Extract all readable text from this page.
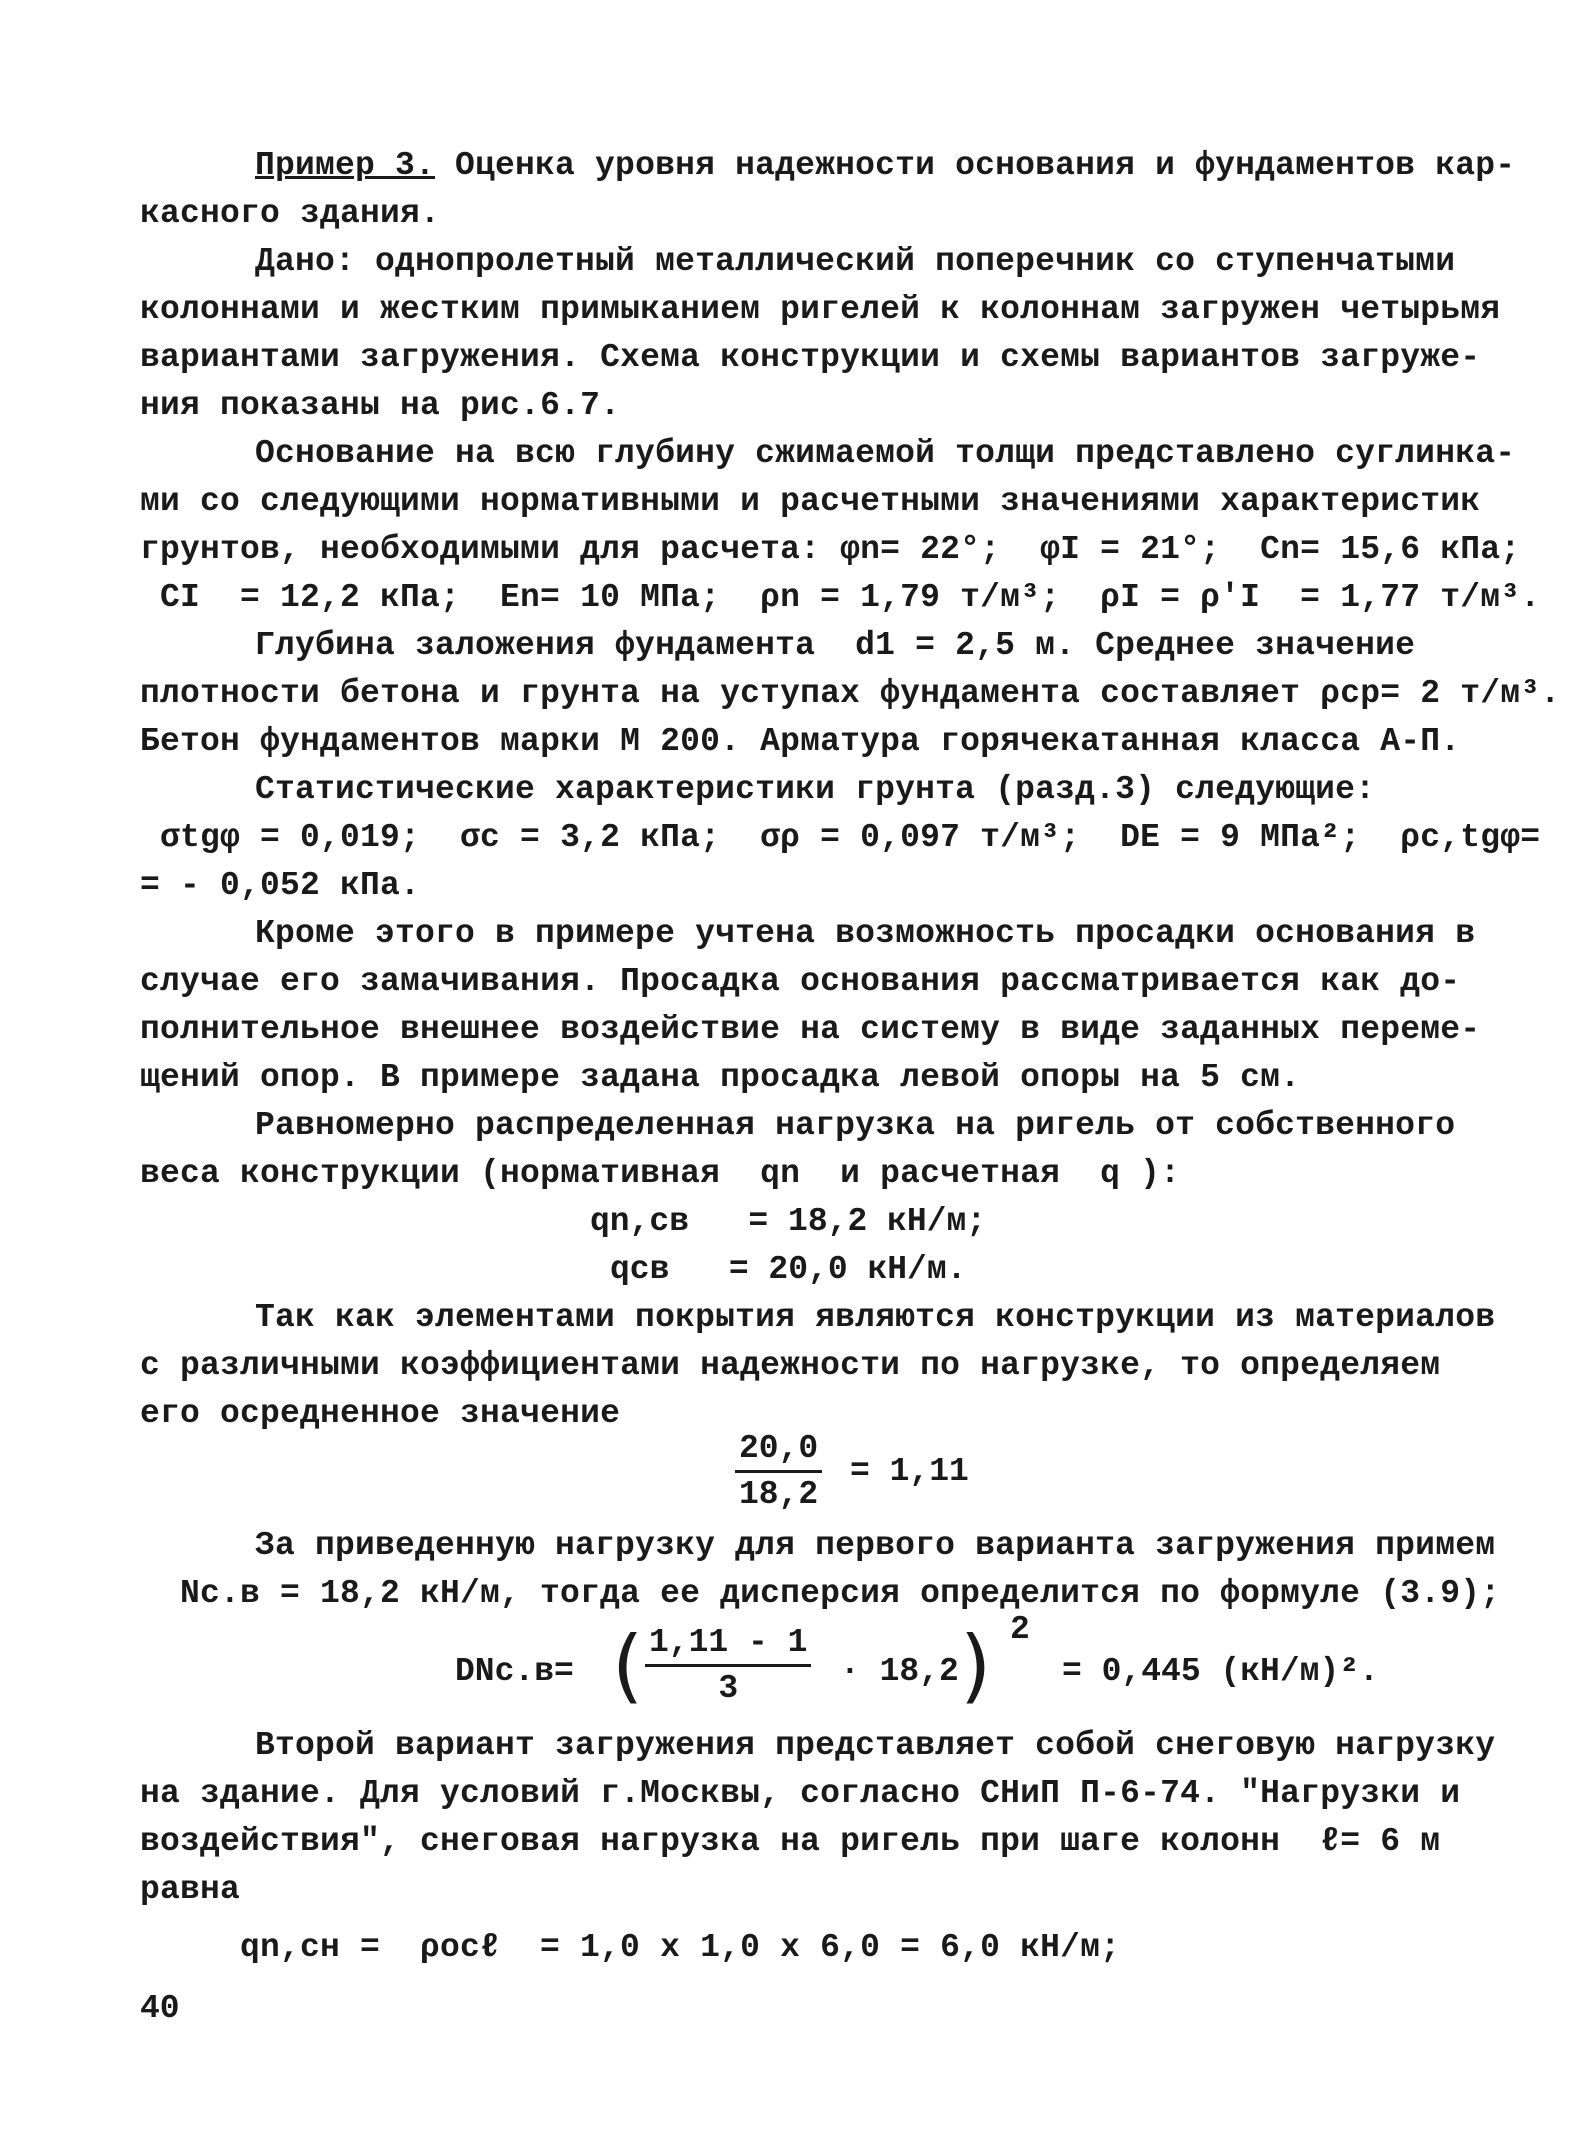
Пример 3. Оценка уровня надежности основания и фундаментов кар-
касного здания.
Дано: однопролетный металлический поперечник со ступенчатыми
колоннами и жестким примыканием ригелей к колоннам загружен четырьмя
вариантами загружения. Схема конструкции и схемы вариантов загруже-
ния показаны на рис.6.7.
Основание на всю глубину сжимаемой толщи представлено суглинка-
ми со следующими нормативными и расчетными значениями характеристик
грунтов, необходимыми для расчета: φn= 22°;  φI = 21°;  Cn= 15,6 кПа;
CI  = 12,2 кПа;  En= 10 МПа;  ρn = 1,79 т/м³;  ρI = ρ'I  = 1,77 т/м³.
Глубина заложения фундамента  d1 = 2,5 м. Среднее значение
плотности бетона и грунта на уступах фундамента составляет ρcp= 2 т/м³.
Бетон фундаментов марки М 200. Арматура горячекатанная класса А-П.
Статистические характеристики грунта (разд.3) следующие:
σtgφ = 0,019;  σc = 3,2 кПа;  σρ = 0,097 т/м³;  DE = 9 МПа²;  ρc,tgφ=
= - 0,052 кПа.
Кроме этого в примере учтена возможность просадки основания в
случае его замачивания. Просадка основания рассматривается как до-
полнительное внешнее воздействие на систему в виде заданных переме-
щений опор. В примере задана просадка левой опоры на 5 см.
Равномерно распределенная нагрузка на ригель от собственного
веса конструкции (нормативная  qn  и расчетная  q ):
qn,cв   = 18,2 кН/м;
qcв   = 20,0 кН/м.
Так как элементами покрытия являются конструкции из материалов
с различными коэффициентами надежности по нагрузке, то определяем
его осредненное значение
$\frac{20,0}{18,2} = 1,11$
За приведенную нагрузку для первого варианта загружения примем
Nc.в = 18,2 кН/м, тогда ее дисперсия определится по формуле (3.9);
DNc.в= ( $\frac{1,11 - 1}{3} \cdot 18,2$ ) 2
= 0,445 (кН/м)².
Второй вариант загружения представляет собой снеговую нагрузку
на здание. Для условий г.Москвы, согласно СНиП П-6-74. "Нагрузки и
воздействия", снеговая нагрузка на ригель при шаге колонн  ℓ= 6 м
равна
qn,сн =  ρocℓ  = 1,0 x 1,0 x 6,0 = 6,0 кН/м;
40
